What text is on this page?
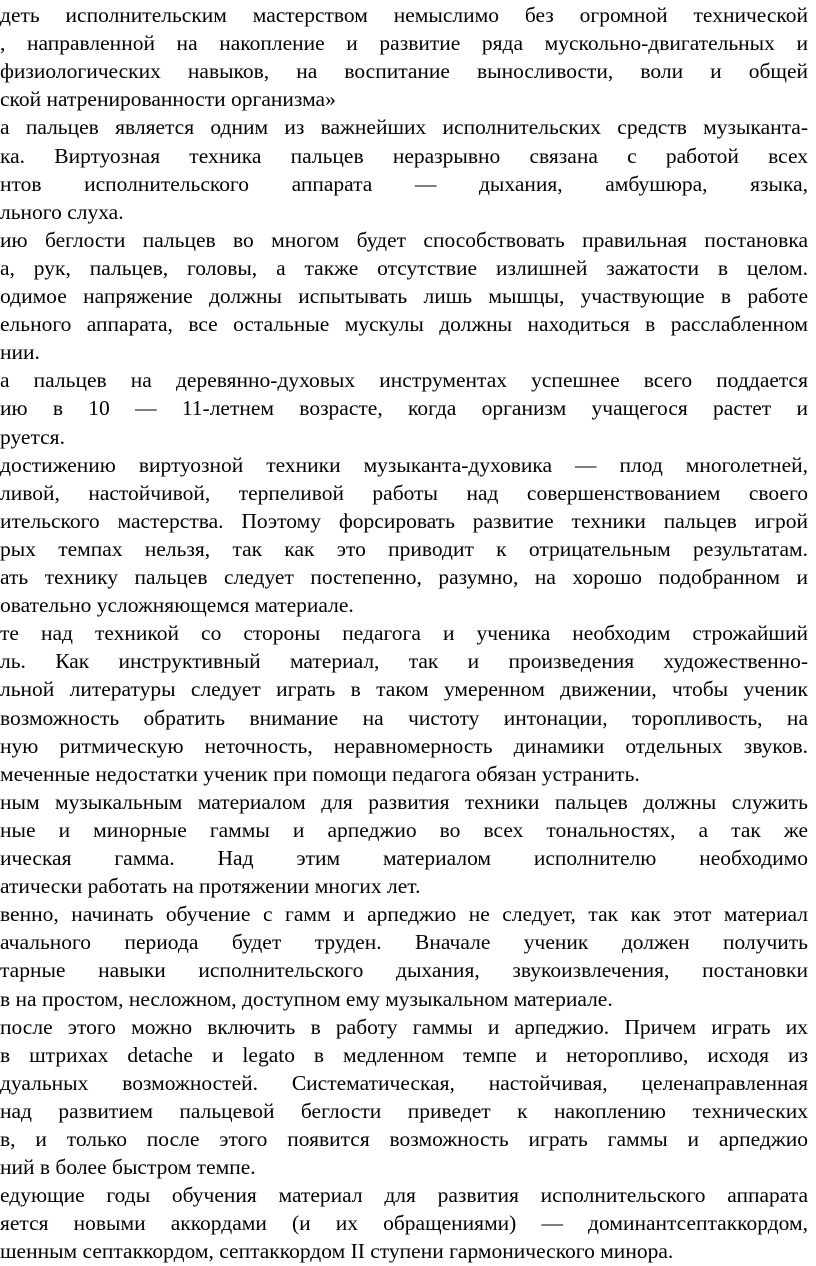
деть исполнительским мастерством немыслимо без огромной технической
, направленной на накопление и развитие ряда мускольно-двигательных и
физиологических навыков, на воспитание выносливости, воли и общей
ской натренированности организма»
а пальцев является одним из важнейших исполнительских средств музыканта-
ка. Виртуозная техника пальцев неразрывно связана с работой всех
нтов исполнительского аппарата — дыхания, амбушюра, языка,
льного слуха.
ию беглости пальцев во многом будет способствовать правильная постановка
а, рук, пальцев, головы, а также отсутствие излишней зажатости в целом.
одимое напряжение должны испытывать лишь мышцы, участвующие в работе
ельного аппарата, все остальные мускулы должны находиться в расслабленном
нии.
а пальцев на деревянно-духовых инструментах успешнее всего поддается
ию в 10 — 11-летнем возрасте, когда организм учащегося растет и
руется.
достижению виртуозной техники музыканта-духовика — плод многолетней,
ливой, настойчивой, терпеливой работы над совершенствованием своего
ительского мастерства. Поэтому форсировать развитие техники пальцев игрой
рых темпах нельзя, так как это приводит к отрицательным результатам.
ать технику пальцев следует постепенно, разумно, на хорошо подобранном и
овательно усложняющемся материале.
те над техникой со стороны педагога и ученика необходим строжайший
ль. Как инструктивный материал, так и произведения художественно-
льной литературы следует играть в таком умеренном движении, чтобы ученик
возможность обратить внимание на чистоту интонации, торопливость, на
ную ритмическую неточность, неравномерность динамики отдельных звуков.
меченные недостатки ученик при помощи педагога обязан устранить.
ным музыкальным материалом для развития техники пальцев должны служить
ные и минорные гаммы и арпеджио во всех тональностях, а так же
ическая гамма. Над этим материалом исполнителю необходимо
атически работать на протяжении многих лет.
венно, начинать обучение с гамм и арпеджио не следует, так как этот материал
ачального периода будет труден. Вначале ученик должен получить
тарные навыки исполнительского дыхания, звукоизвлечения, постановки
в на простом, несложном, доступном ему музыкальном материале.
после этого можно включить в работу гаммы и арпеджио. Причем играть их
в штрихах detache и legato в медленном темпе и неторопливо, исходя из
дуальных возможностей. Систематическая, настойчивая, целенаправленная
над развитием пальцевой беглости приведет к накоплению технических
в, и только после этого появится возможность играть гаммы и арпеджио
ний в более быстром темпе.
едующие годы обучения материал для развития исполнительского аппарата
яется новыми аккордами (и их обращениями) — доминантсептаккордом,
шенным септаккордом, септаккордом II ступени гармонического минора.
